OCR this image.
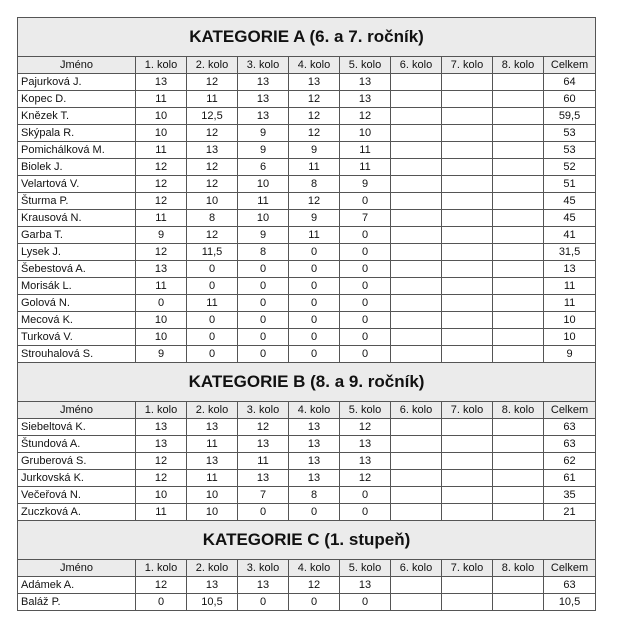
KATEGORIE A (6. a 7. ročník)									
Jméno	1. kolo	2. kolo	3. kolo	4. kolo	5. kolo	6. kolo	7. kolo	8. kolo	Celkem
Pajurková J.	13	12	13	13	13				64
Kopec D.	11	11	13	12	13				60
Knězek T.	10	12,5	13	12	12				59,5
Skýpala R.	10	12	9	12	10				53
Pomichálková M.	11	13	9	9	11				53
Biolek J.	12	12	6	11	11				52
Velartová V.	12	12	10	8	9				51
Šturma P.	12	10	11	12	0				45
Krausová N.	11	8	10	9	7				45
Garba T.	9	12	9	11	0				41
Lysek J.	12	11,5	8	0	0				31,5
Šebestová A.	13	0	0	0	0				13
Morisák L.	11	0	0	0	0				11
Golová N.	0	11	0	0	0				11
Mecová K.	10	0	0	0	0				10
Turková V.	10	0	0	0	0				10
Strouhalová S.	9	0	0	0	0				9
KATEGORIE B (8. a 9. ročník)									
Jméno	1. kolo	2. kolo	3. kolo	4. kolo	5. kolo	6. kolo	7. kolo	8. kolo	Celkem
Siebeltová K.	13	13	12	13	12				63
Štundová A.	13	11	13	13	13				63
Gruberová S.	12	13	11	13	13				62
Jurkovská K.	12	11	13	13	12				61
Večeřová N.	10	10	7	8	0				35
Zuczková A.	11	10	0	0	0				21
KATEGORIE C (1. stupeň)									
Jméno	1. kolo	2. kolo	3. kolo	4. kolo	5. kolo	6. kolo	7. kolo	8. kolo	Celkem
Adámek A.	12	13	13	12	13				63
Baláž P.	0	10,5	0	0	0				10,5
